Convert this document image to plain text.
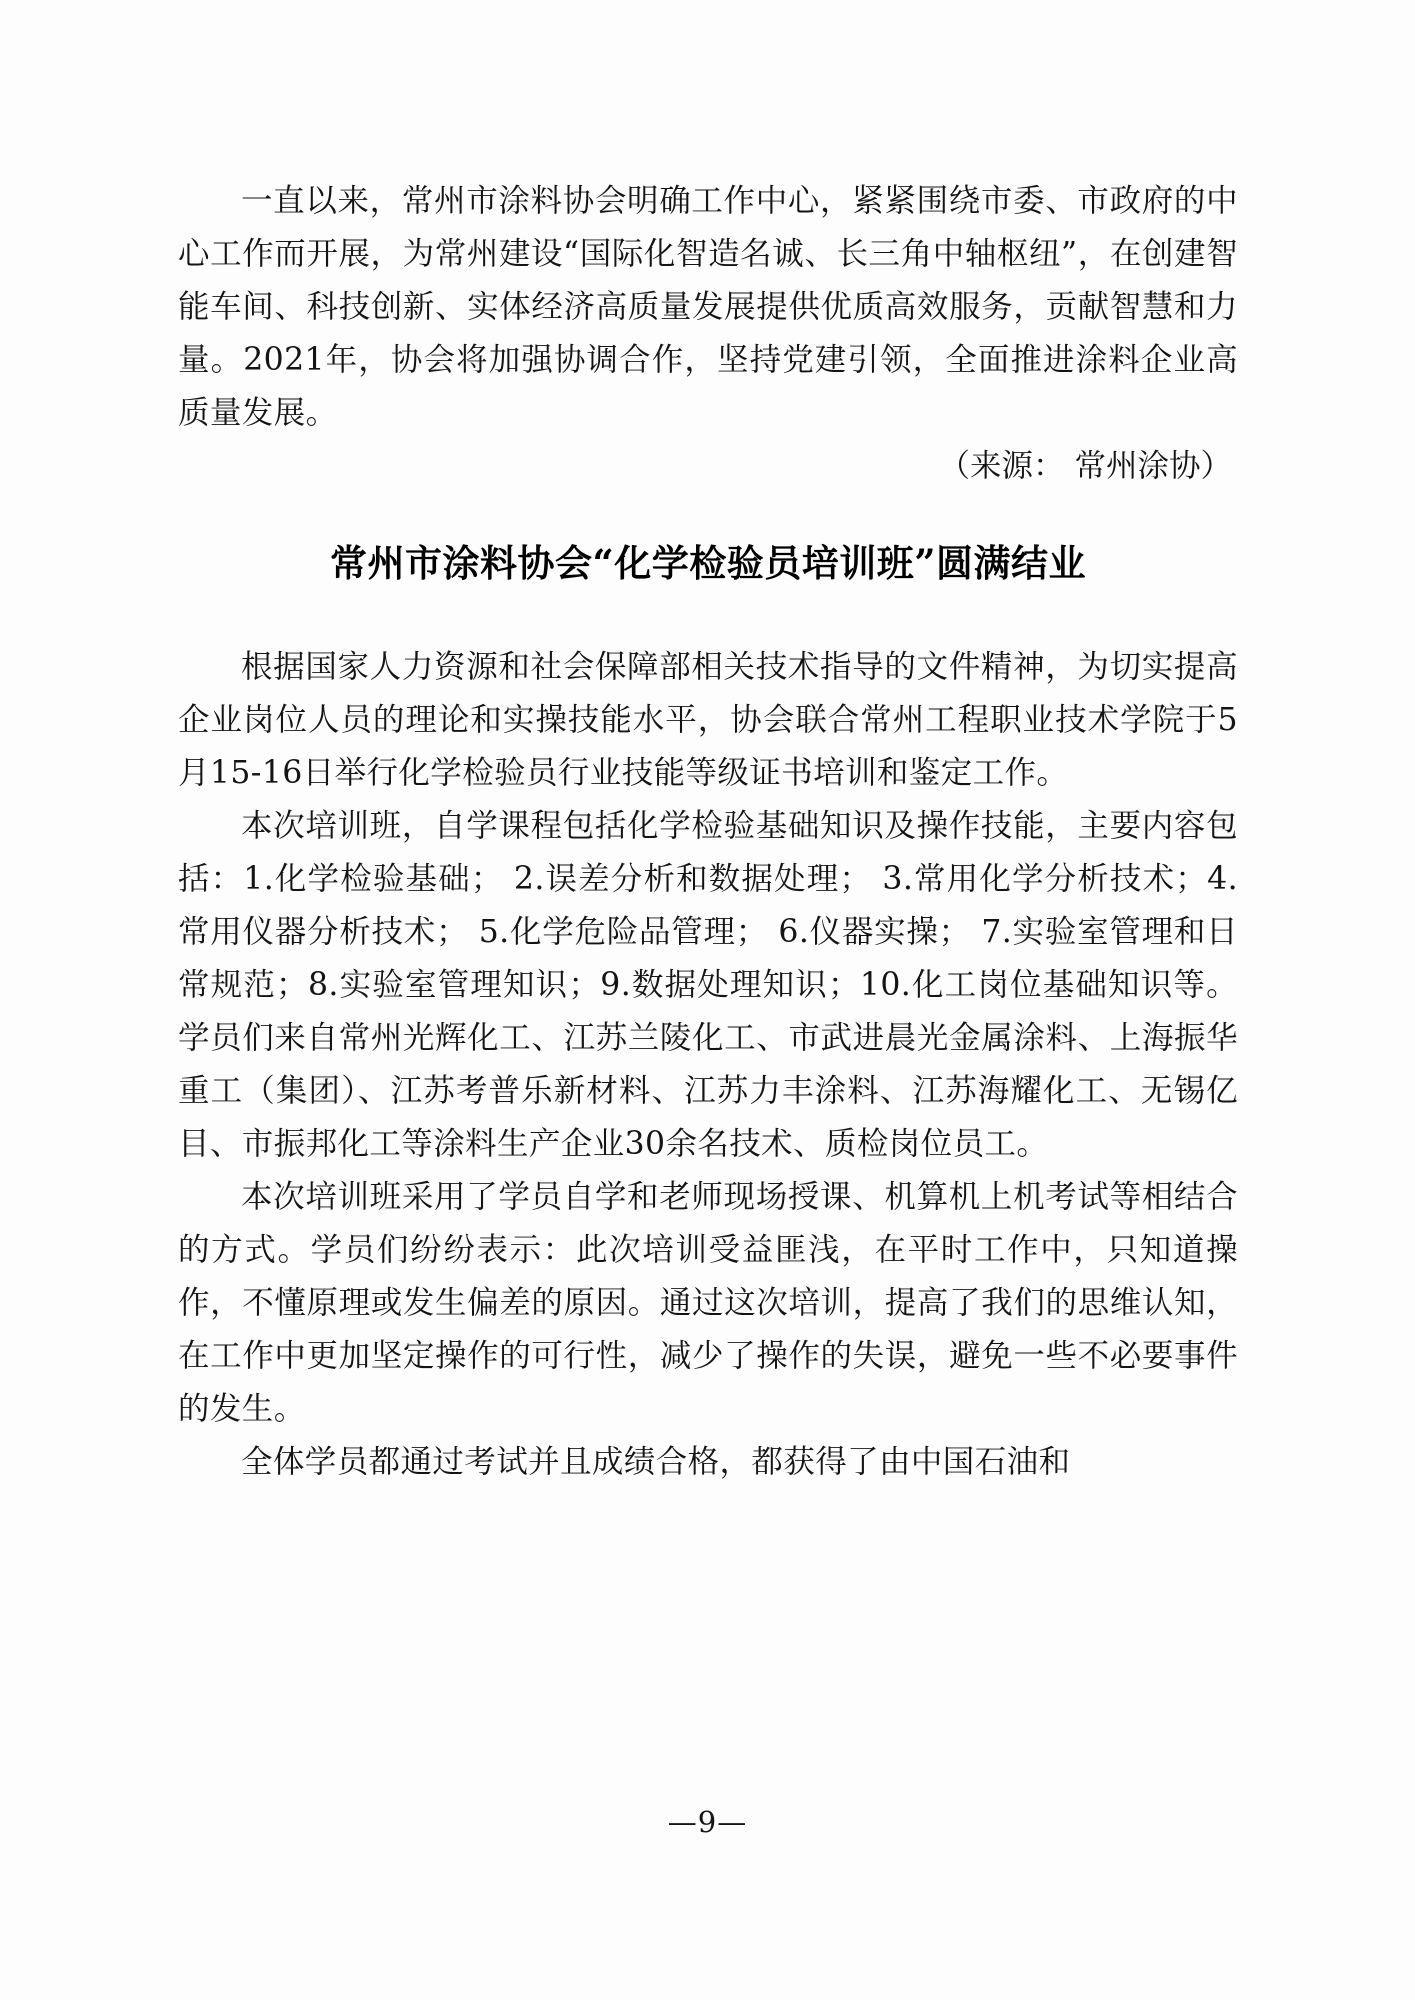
一直以来，常州市涂料协会明确工作中心，紧紧围绕市委、市政府的中心工作而开展，为常州建设“国际化智造名诚、长三角中轴枢纽”，在创建智能车间、科技创新、实体经济高质量发展提供优质高效服务，贡献智慧和力量。2021年，协会将加强协调合作，坚持党建引领，全面推进涂料企业高质量发展。

（来源： 常州涂协）

常州市涂料协会“化学检验员培训班”圆满结业

根据国家人力资源和社会保障部相关技术指导的文件精神，为切实提高企业岗位人员的理论和实操技能水平，协会联合常州工程职业技术学院于5月15-16日举行化学检验员行业技能等级证书培训和鉴定工作。

本次培训班，自学课程包括化学检验基础知识及操作技能，主要内容包括：1.化学检验基础； 2.误差分析和数据处理； 3.常用化学分析技术；4.常用仪器分析技术； 5.化学危险品管理； 6.仪器实操； 7.实验室管理和日常规范；8.实验室管理知识；9.数据处理知识；10.化工岗位基础知识等。学员们来自常州光辉化工、江苏兰陵化工、市武进晨光金属涂料、上海振华重工（集团）、江苏考普乐新材料、江苏力丰涂料、江苏海耀化工、无锡亿目、市振邦化工等涂料生产企业30余名技术、质检岗位员工。

本次培训班采用了学员自学和老师现场授课、机算机上机考试等相结合的方式。学员们纷纷表示：此次培训受益匪浅，在平时工作中，只知道操作，不懂原理或发生偏差的原因。通过这次培训，提高了我们的思维认知，在工作中更加坚定操作的可行性，减少了操作的失误，避免一些不必要事件的发生。

全体学员都通过考试并且成绩合格，都获得了由中国石油和

—9—
